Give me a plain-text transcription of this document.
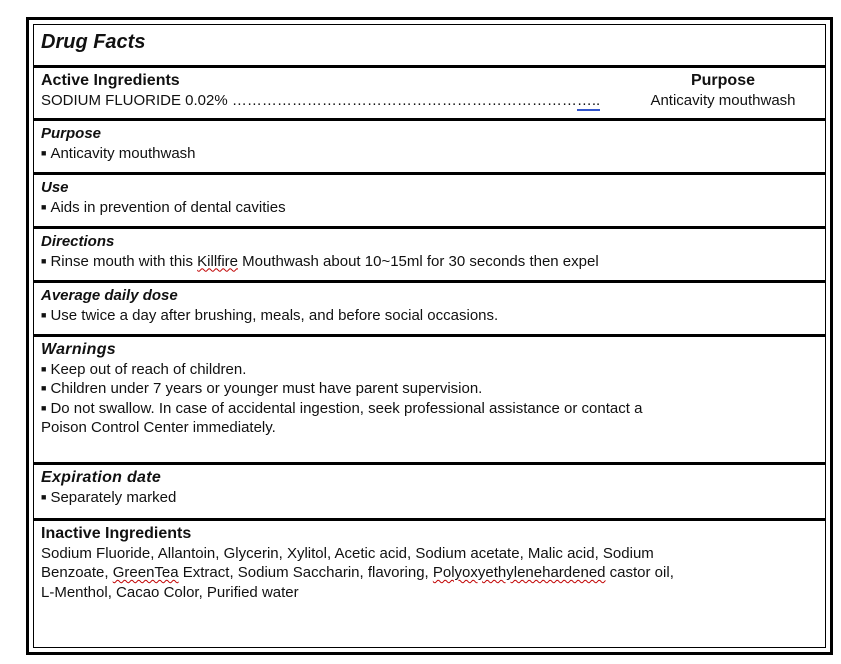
Drug Facts
Active Ingredients	Purpose
SODIUM FLUORIDE 0.02% ………………………………………………………………..	Anticavity mouthwash
Purpose
■ Anticavity mouthwash
Use
■ Aids in prevention of dental cavities
Directions
■ Rinse mouth with this Killfire Mouthwash about 10~15ml for 30 seconds then expel
Average daily dose
■ Use twice a day after brushing, meals, and before social occasions.
Warnings
■ Keep out of reach of children.
■ Children under 7 years or younger must have parent supervision.
■ Do not swallow. In case of accidental ingestion, seek professional assistance or contact a
Poison Control Center immediately.
Expiration date
■ Separately marked
Inactive Ingredients
Sodium Fluoride, Allantoin, Glycerin, Xylitol, Acetic acid, Sodium acetate, Malic acid, Sodium
Benzoate, GreenTea Extract, Sodium Saccharin, flavoring, Polyoxyethylenehardened castor oil,
L-Menthol, Cacao Color, Purified water
